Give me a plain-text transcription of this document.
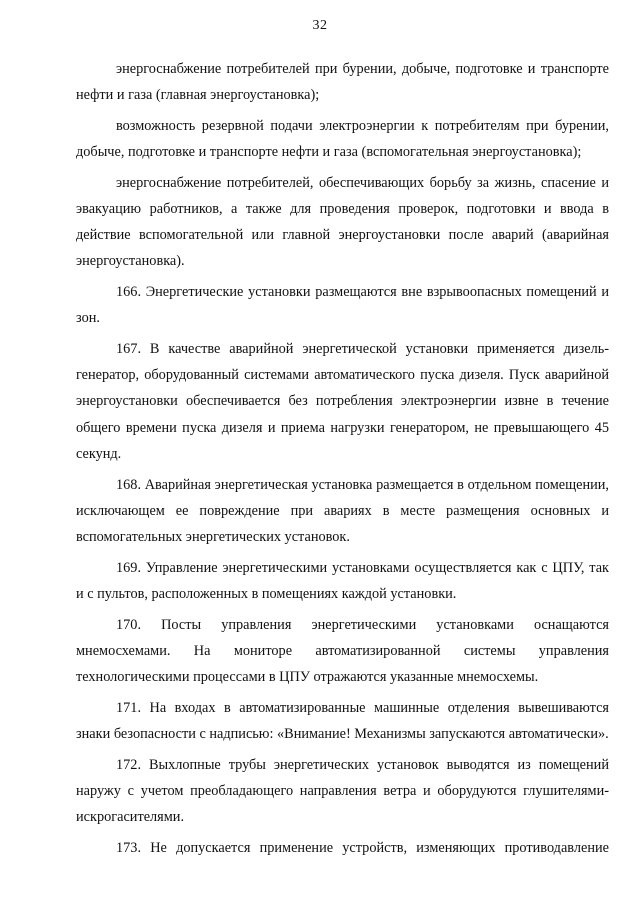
32

энергоснабжение потребителей при бурении, добыче, подготовке и транспорте нефти и газа (главная энергоустановка);

возможность резервной подачи электроэнергии к потребителям при бурении, добыче, подготовке и транспорте нефти и газа (вспомогательная энергоустановка);

энергоснабжение потребителей, обеспечивающих борьбу за жизнь, спасение и эвакуацию работников, а также для проведения проверок, подготовки и ввода в действие вспомогательной или главной энергоустановки после аварий (аварийная энергоустановка).

166. Энергетические установки размещаются вне взрывоопасных помещений и зон.

167. В качестве аварийной энергетической установки применяется дизель-генератор, оборудованный системами автоматического пуска дизеля. Пуск аварийной энергоустановки обеспечивается без потребления электроэнергии извне в течение общего времени пуска дизеля и приема нагрузки генератором, не превышающего 45 секунд.

168. Аварийная энергетическая установка размещается в отдельном помещении, исключающем ее повреждение при авариях в месте размещения основных и вспомогательных энергетических установок.

169. Управление энергетическими установками осуществляется как с ЦПУ, так и с пультов, расположенных в помещениях каждой установки.

170. Посты управления энергетическими установками оснащаются мнемосхемами. На мониторе автоматизированной системы управления технологическими процессами в ЦПУ отражаются указанные мнемосхемы.

171. На входах в автоматизированные машинные отделения вывешиваются знаки безопасности с надписью: «Внимание! Механизмы запускаются автоматически».

172. Выхлопные трубы энергетических установок выводятся из помещений наружу с учетом преобладающего направления ветра и оборудуются глушителями-искрогасителями.

173. Не допускается применение устройств, изменяющих противодавление
